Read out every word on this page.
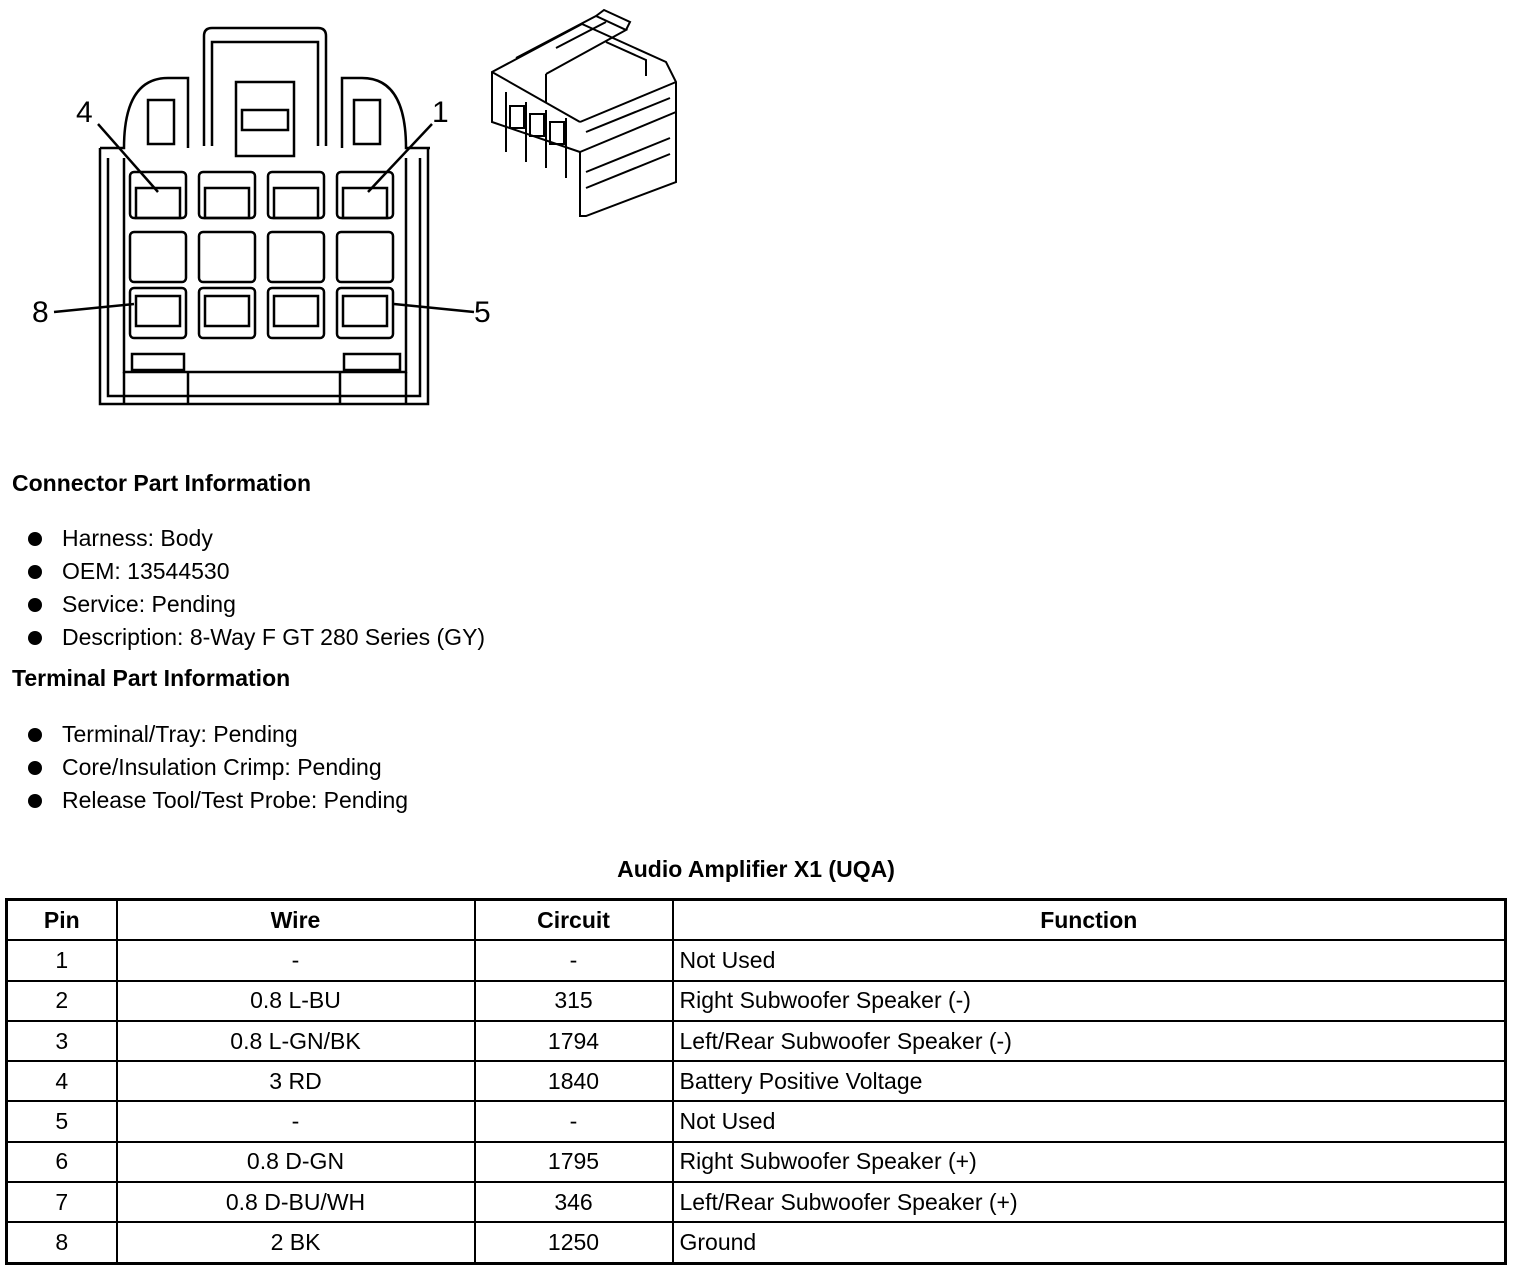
4	1
8	5
Connector Part Information
Harness: Body
OEM: 13544530
Service: Pending
Description: 8-Way F GT 280 Series (GY)
Terminal Part Information
Terminal/Tray: Pending
Core/Insulation Crimp: Pending
Release Tool/Test Probe: Pending
Audio Amplifier X1 (UQA)
Pin	Wire	Circuit	Function
1	-	-	Not Used
2	0.8 L-BU	315	Right Subwoofer Speaker (-)
3	0.8 L-GN/BK	1794	Left/Rear Subwoofer Speaker (-)
4	3 RD	1840	Battery Positive Voltage
5	-	-	Not Used
6	0.8 D-GN	1795	Right Subwoofer Speaker (+)
7	0.8 D-BU/WH	346	Left/Rear Subwoofer Speaker (+)
8	2 BK	1250	Ground
